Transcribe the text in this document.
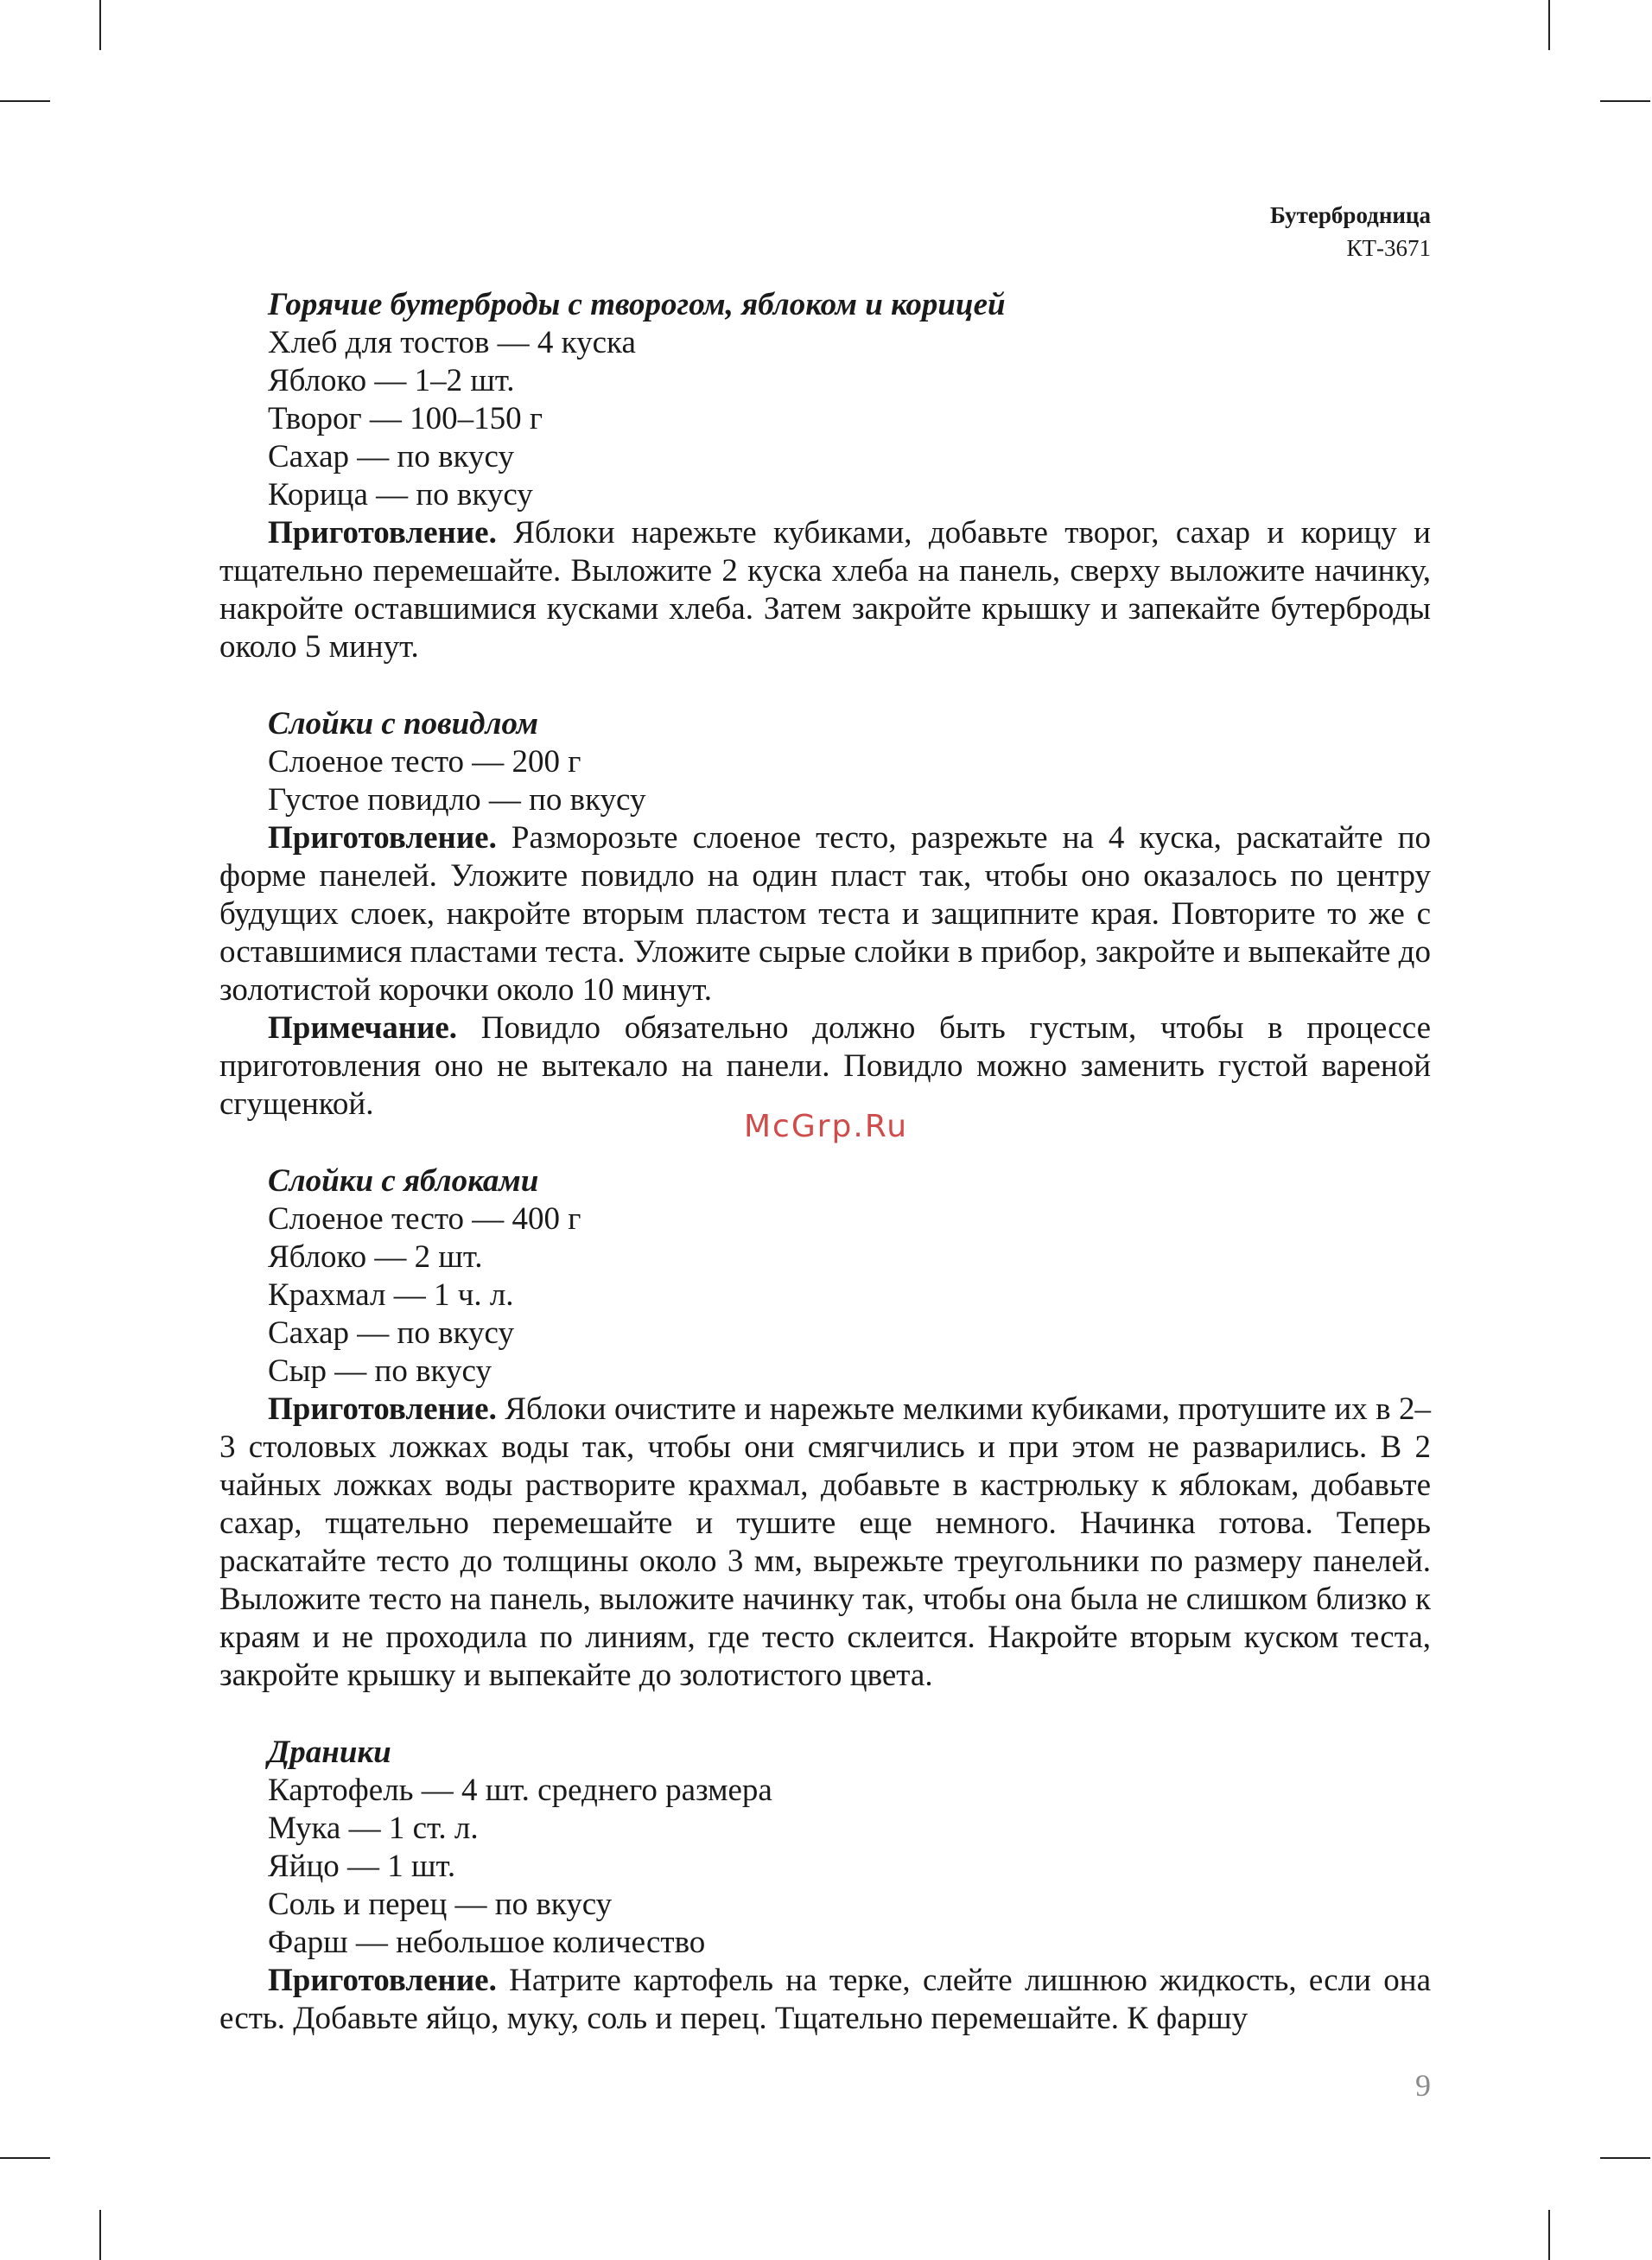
Бутербродница
КТ-3671

Горячие бутерброды с творогом, яблоком и корицей

Хлеб для тостов — 4 куска

Яблоко — 1–2 шт.

Творог — 100–150 г

Сахар — по вкусу

Корица — по вкусу

Приготовление. Яблоки нарежьте кубиками, добавьте творог, сахар и корицу и тщательно перемешайте. Выложите 2 куска хлеба на панель, сверху выложите начинку, накройте оставшимися кусками хлеба. Затем закройте крышку и запекайте бутерброды около 5 минут.

Слойки с повидлом

Слоеное тесто — 200 г

Густое повидло — по вкусу

Приготовление. Разморозьте слоеное тесто, разрежьте на 4 куска, раскатайте по форме панелей. Уложите повидло на один пласт так, чтобы оно оказалось по центру будущих слоек, накройте вторым пластом теста и защипните края. Повторите то же с оставшимися пластами теста. Уложите сырые слойки в прибор, закройте и выпекайте до золотистой корочки около 10 минут.

Примечание. Повидло обязательно должно быть густым, чтобы в процессе приготовления оно не вытекало на панели. Повидло можно заменить густой вареной сгущенкой.

Слойки с яблоками

Слоеное тесто — 400 г

Яблоко — 2 шт.

Крахмал — 1 ч. л.

Сахар — по вкусу

Сыр — по вкусу

Приготовление. Яблоки очистите и нарежьте мелкими кубиками, протушите их в 2–3 столовых ложках воды так, чтобы они смягчились и при этом не разварились. В 2 чайных ложках воды растворите крахмал, добавьте в кастрюльку к яблокам, добавьте сахар, тщательно перемешайте и тушите еще немного. Начинка готова. Теперь раскатайте тесто до толщины около 3 мм, вырежьте треугольники по размеру панелей. Выложите тесто на панель, выложите начинку так, чтобы она была не слишком близко к краям и не проходила по линиям, где тесто склеится. Накройте вторым куском теста, закройте крышку и выпекайте до золотистого цвета.

Драники

Картофель — 4 шт. среднего размера

Мука — 1 ст. л.

Яйцо — 1 шт.

Соль и перец — по вкусу

Фарш — небольшое количество

Приготовление. Натрите картофель на терке, слейте лишнюю жидкость, если она есть. Добавьте яйцо, муку, соль и перец. Тщательно перемешайте. К фаршу

McGrp.Ru
9
